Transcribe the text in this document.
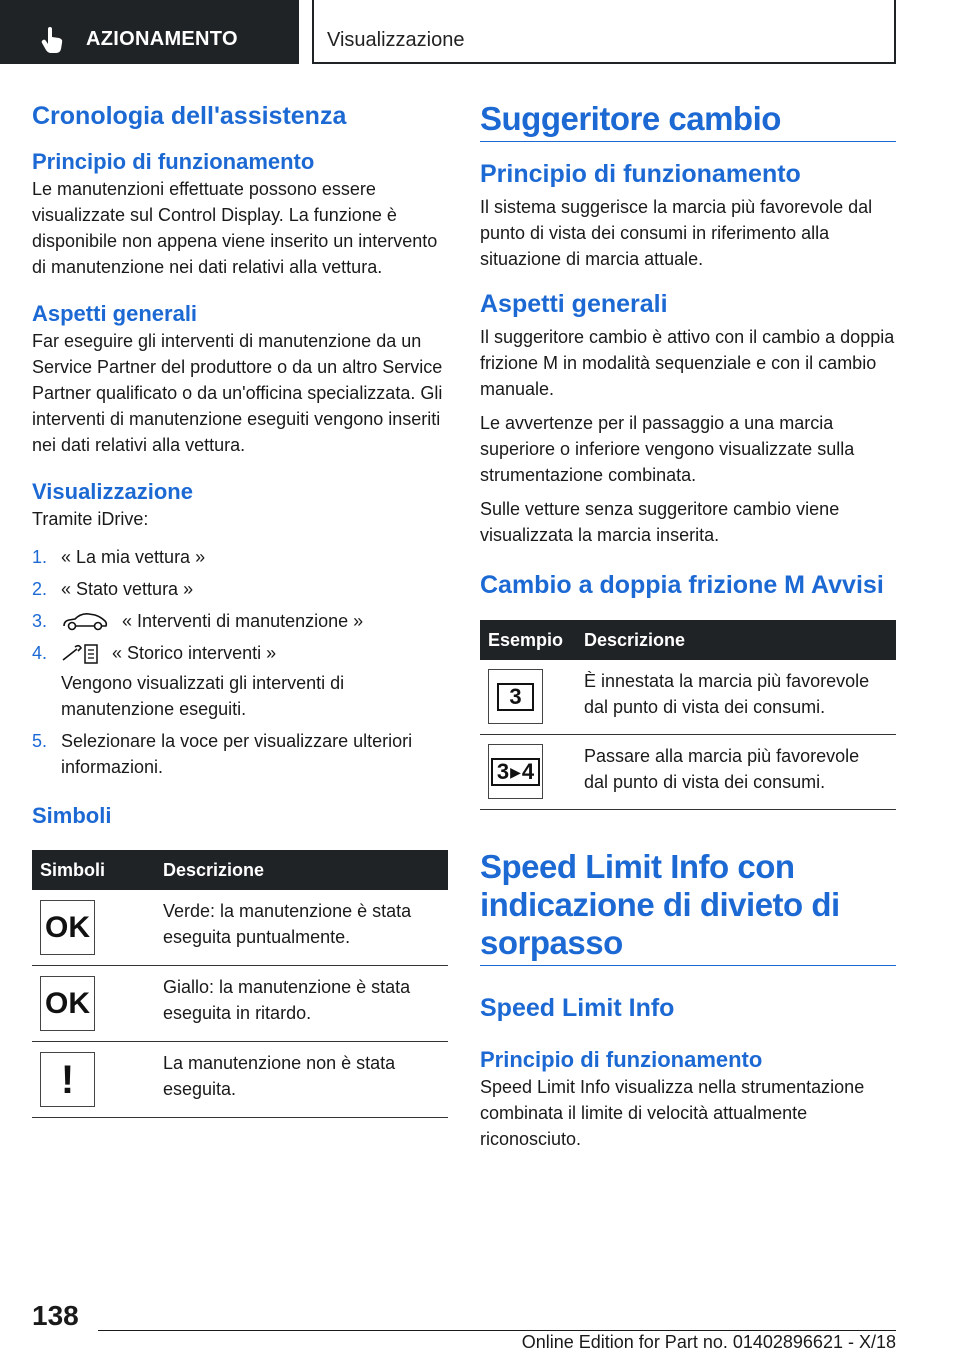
AZIONAMENTO	Visualizzazione
Cronologia dell'assistenza
Principio di funzionamento
Le manutenzioni effettuate possono essere visualizzate sul Control Display. La funzione è disponibile non appena viene inserito un intervento di manutenzione nei dati relativi alla vettura.
Aspetti generali
Far eseguire gli interventi di manutenzione da un Service Partner del produttore o da un altro Service Partner qualificato o da un'officina specializzata. Gli interventi di manutenzione eseguiti vengono inseriti nei dati relativi alla vettura.
Visualizzazione
Tramite iDrive:
1. « La mia vettura »
2. « Stato vettura »
3.	« Interventi di manutenzione »
4.	« Storico interventi »
Vengono visualizzati gli interventi di manutenzione eseguiti.
5. Selezionare la voce per visualizzare ulteriori informazioni.
Simboli
Simboli	Descrizione

OK	Verde: la manutenzione è stata eseguita puntualmente.

OK	Giallo: la manutenzione è stata eseguita in ritardo.

!	La manutenzione non è stata eseguita.
Suggeritore cambio
Principio di funzionamento
Il sistema suggerisce la marcia più favorevole dal punto di vista dei consumi in riferimento alla situazione di marcia attuale.
Aspetti generali
Il suggeritore cambio è attivo con il cambio a doppia frizione M in modalità sequenziale e con il cambio manuale.
Le avvertenze per il passaggio a una marcia superiore o inferiore vengono visualizzate sulla strumentazione combinata.
Sulle vetture senza suggeritore cambio viene visualizzata la marcia inserita.
Cambio a doppia frizione M Avvisi
Esempio	Descrizione

3	È innestata la marcia più favorevole dal punto di vista dei consumi.

3 ▶ 4	Passare alla marcia più favorevole dal punto di vista dei consumi.
Speed Limit Info con indicazione di divieto di sorpasso
Speed Limit Info
Principio di funzionamento
Speed Limit Info visualizza nella strumentazione combinata il limite di velocità attualmente riconosciuto.
138
Online Edition for Part no. 01402896621 - X/18
